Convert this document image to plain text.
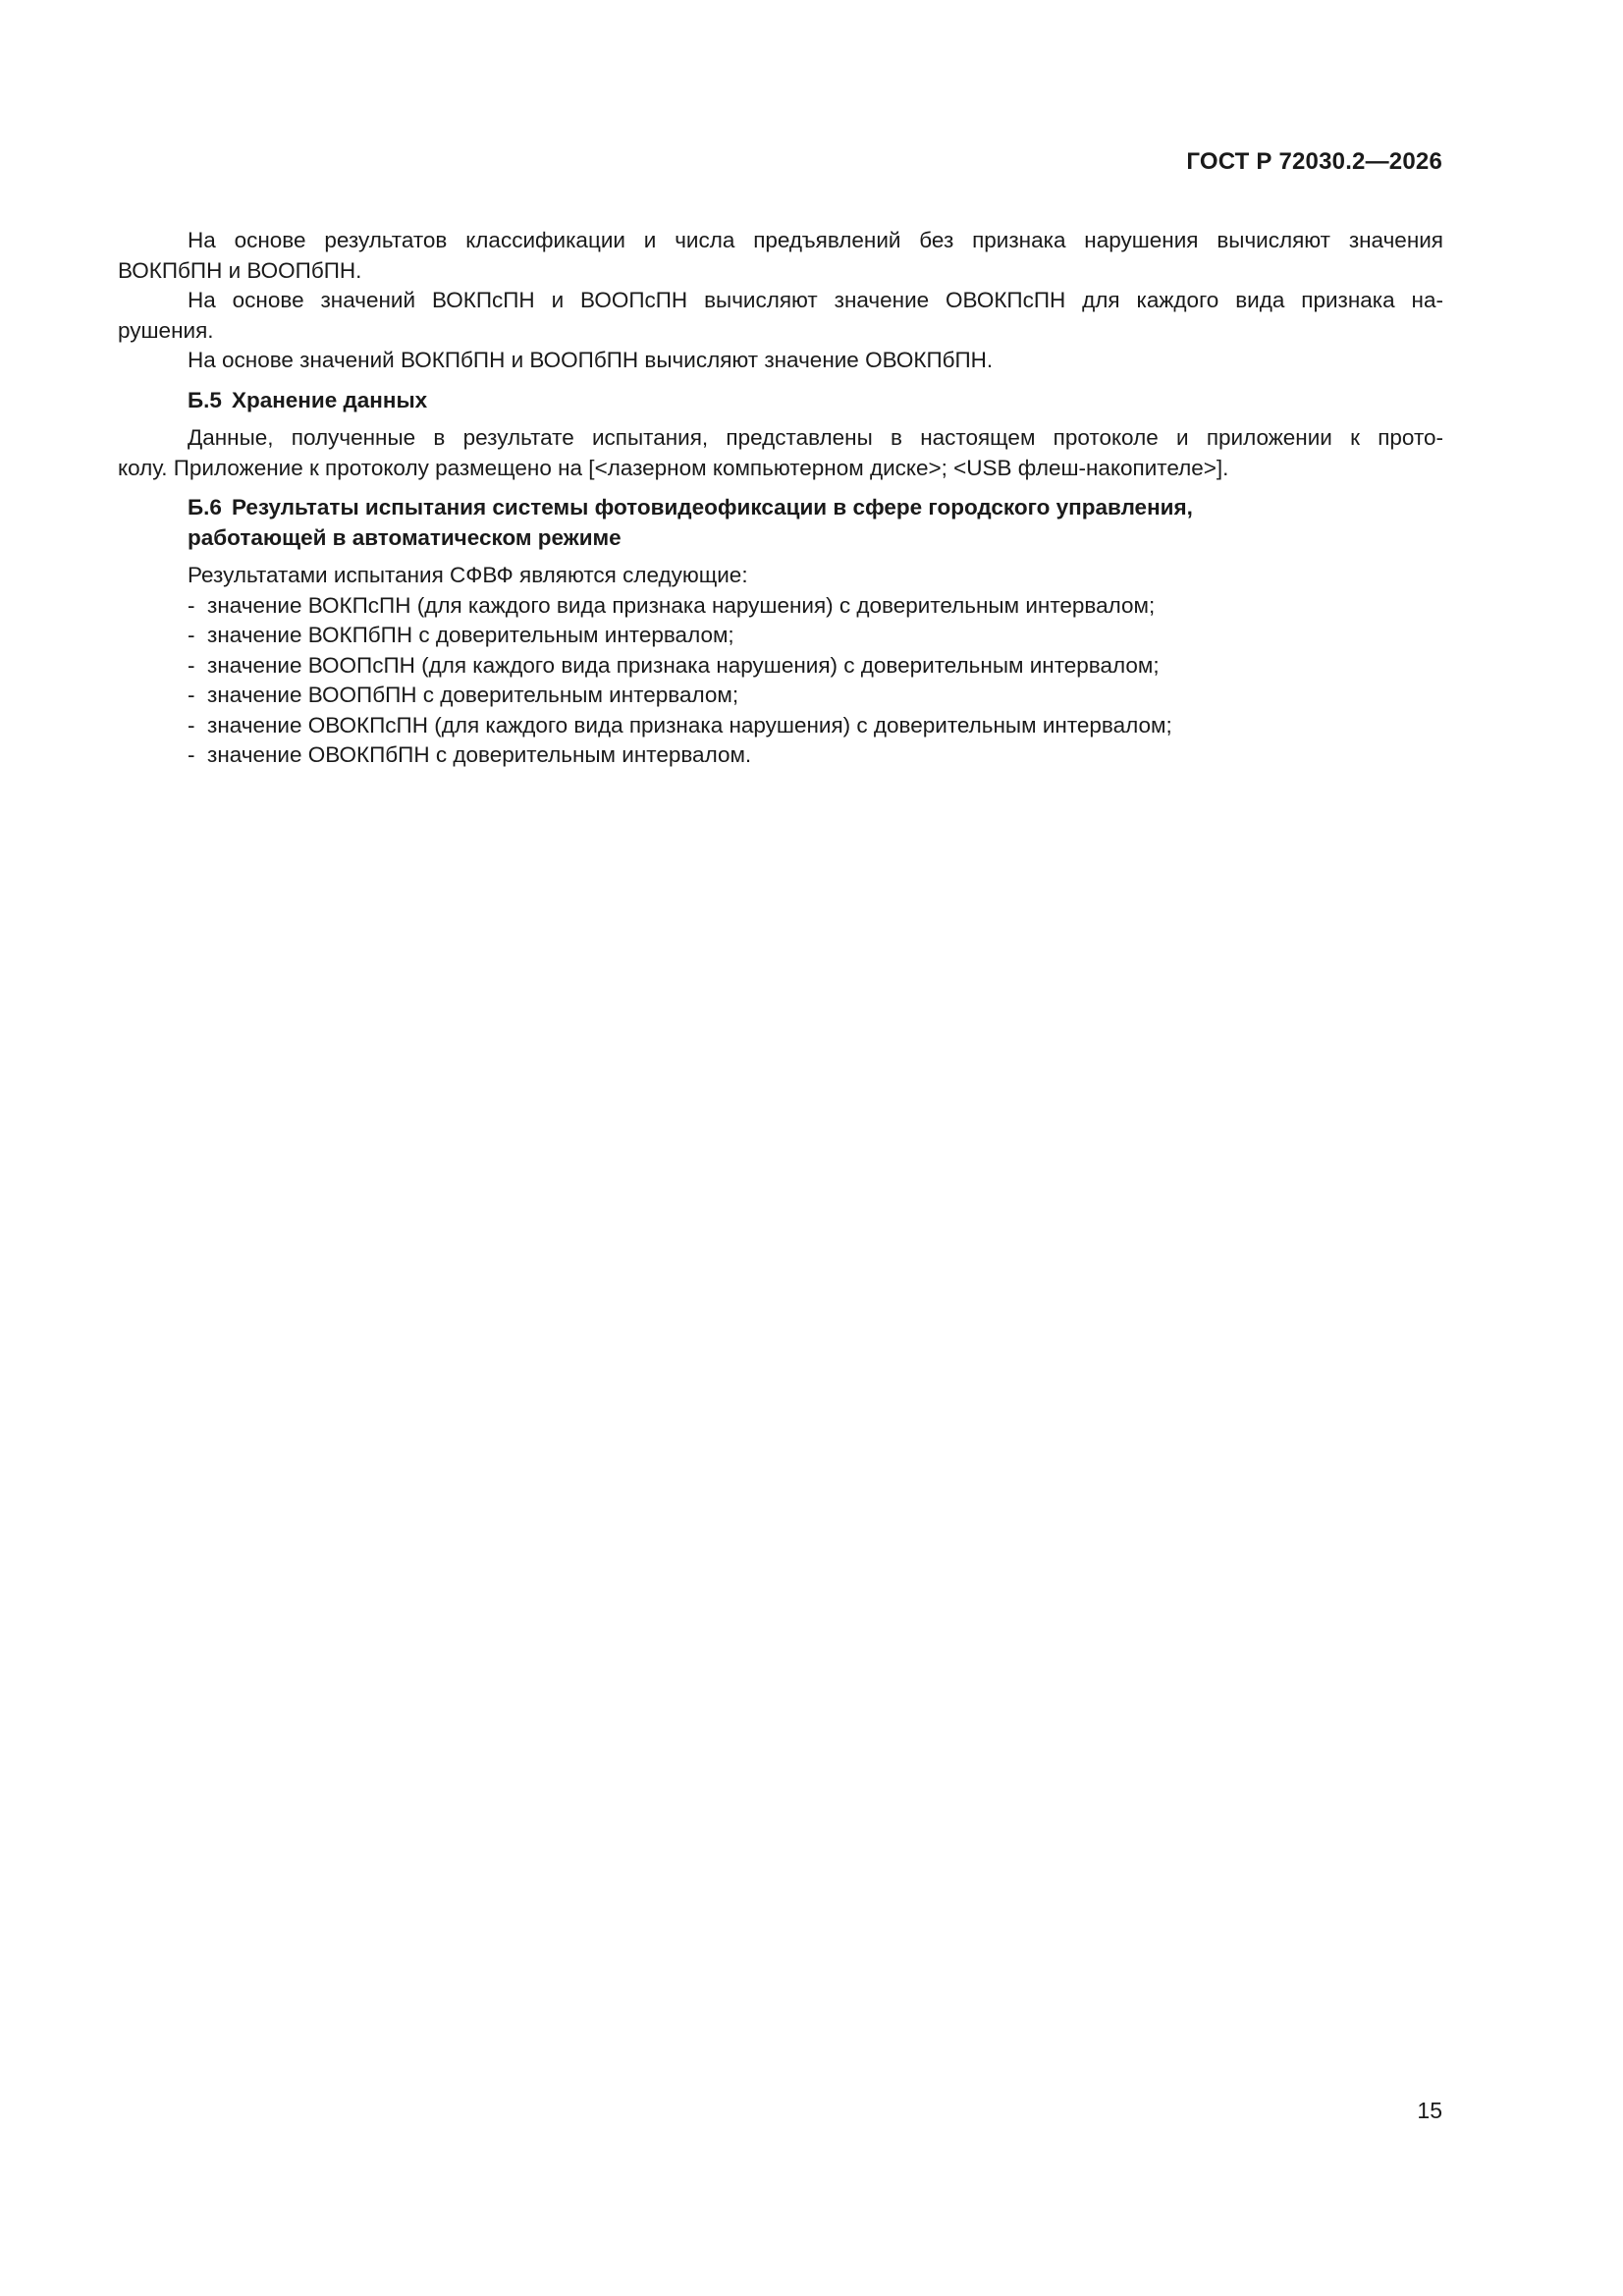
ГОСТ Р 72030.2—2026

На основе результатов классификации и числа предъявлений без признака нарушения вычисляют значения
ВОКПбПН и ВООПбПН.

На основе значений ВОКПсПН и ВООПсПН вычисляют значение ОВОКПсПН для каждого вида признака на-
рушения.

На основе значений ВОКПбПН и ВООПбПН вычисляют значение ОВОКПбПН.

Б.5 Хранение данных

Данные, полученные в результате испытания, представлены в настоящем протоколе и приложении к прото-
колу. Приложение к протоколу размещено на [<лазерном компьютерном диске>; <USB флеш-накопителе>].

Б.6 Результаты испытания системы фотовидеофиксации в сфере городского управления,
работающей в автоматическом режиме

Результатами испытания СФВФ являются следующие:
- значение ВОКПсПН (для каждого вида признака нарушения) с доверительным интервалом;
- значение ВОКПбПН с доверительным интервалом;
- значение ВООПсПН (для каждого вида признака нарушения) с доверительным интервалом;
- значение ВООПбПН с доверительным интервалом;
- значение ОВОКПсПН (для каждого вида признака нарушения) с доверительным интервалом;
- значение ОВОКПбПН с доверительным интервалом.
15
